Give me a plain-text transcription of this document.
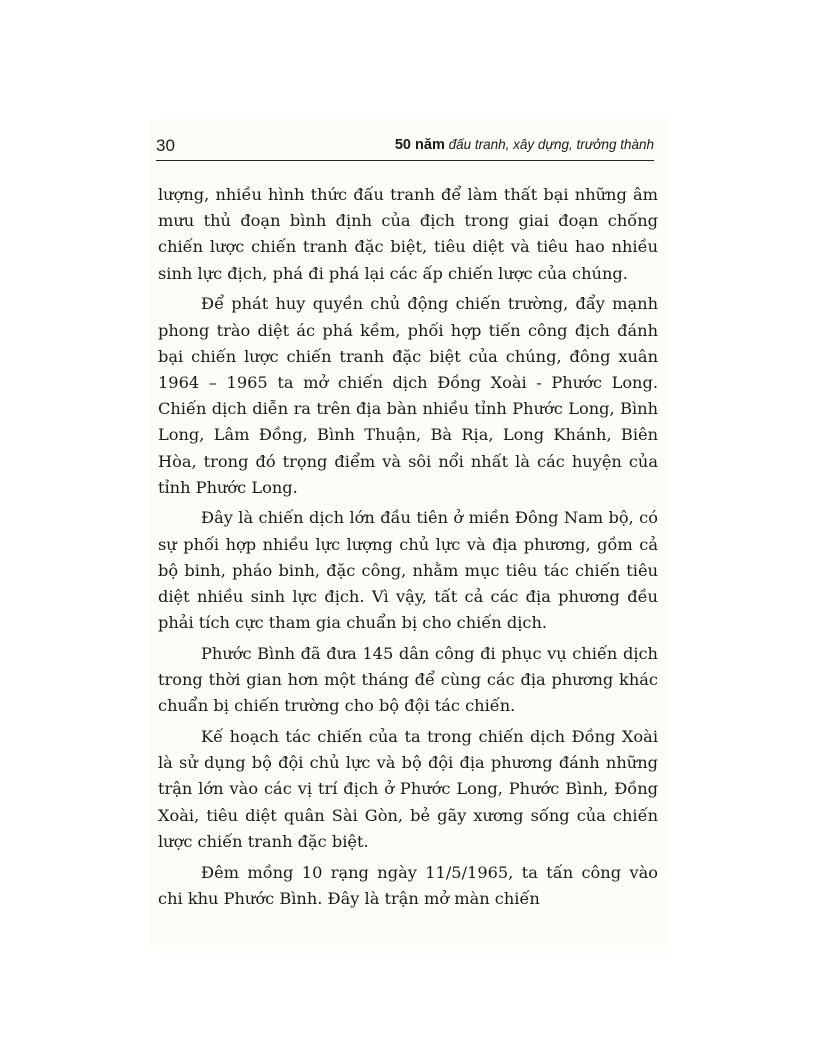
30	50 năm đấu tranh, xây dựng, trưởng thành

lượng, nhiều hình thức đấu tranh để làm thất bại những âm mưu thủ đoạn bình định của địch trong giai đoạn chống chiến lược chiến tranh đặc biệt, tiêu diệt và tiêu hao nhiều sinh lực địch, phá đi phá lại các ấp chiến lược của chúng.

Để phát huy quyền chủ động chiến trường, đẩy mạnh phong trào diệt ác phá kềm, phối hợp tiến công địch đánh bại chiến lược chiến tranh đặc biệt của chúng, đông xuân 1964 – 1965 ta mở chiến dịch Đồng Xoài - Phước Long. Chiến dịch diễn ra trên địa bàn nhiều tỉnh Phước Long, Bình Long, Lâm Đồng, Bình Thuận, Bà Rịa, Long Khánh, Biên Hòa, trong đó trọng điểm và sôi nổi nhất là các huyện của tỉnh Phước Long.

Đây là chiến dịch lớn đầu tiên ở miền Đông Nam bộ, có sự phối hợp nhiều lực lượng chủ lực và địa phương, gồm cả bộ binh, pháo binh, đặc công, nhằm mục tiêu tác chiến tiêu diệt nhiều sinh lực địch. Vì vậy, tất cả các địa phương đều phải tích cực tham gia chuẩn bị cho chiến dịch.

Phước Bình đã đưa 145 dân công đi phục vụ chiến dịch trong thời gian hơn một tháng để cùng các địa phương khác chuẩn bị chiến trường cho bộ đội tác chiến.

Kế hoạch tác chiến của ta trong chiến dịch Đồng Xoài là sử dụng bộ đội chủ lực và bộ đội địa phương đánh những trận lớn vào các vị trí địch ở Phước Long, Phước Bình, Đồng Xoài, tiêu diệt quân Sài Gòn, bẻ gãy xương sống của chiến lược chiến tranh đặc biệt.

Đêm mồng 10 rạng ngày 11/5/1965, ta tấn công vào chi khu Phước Bình. Đây là trận mở màn chiến
